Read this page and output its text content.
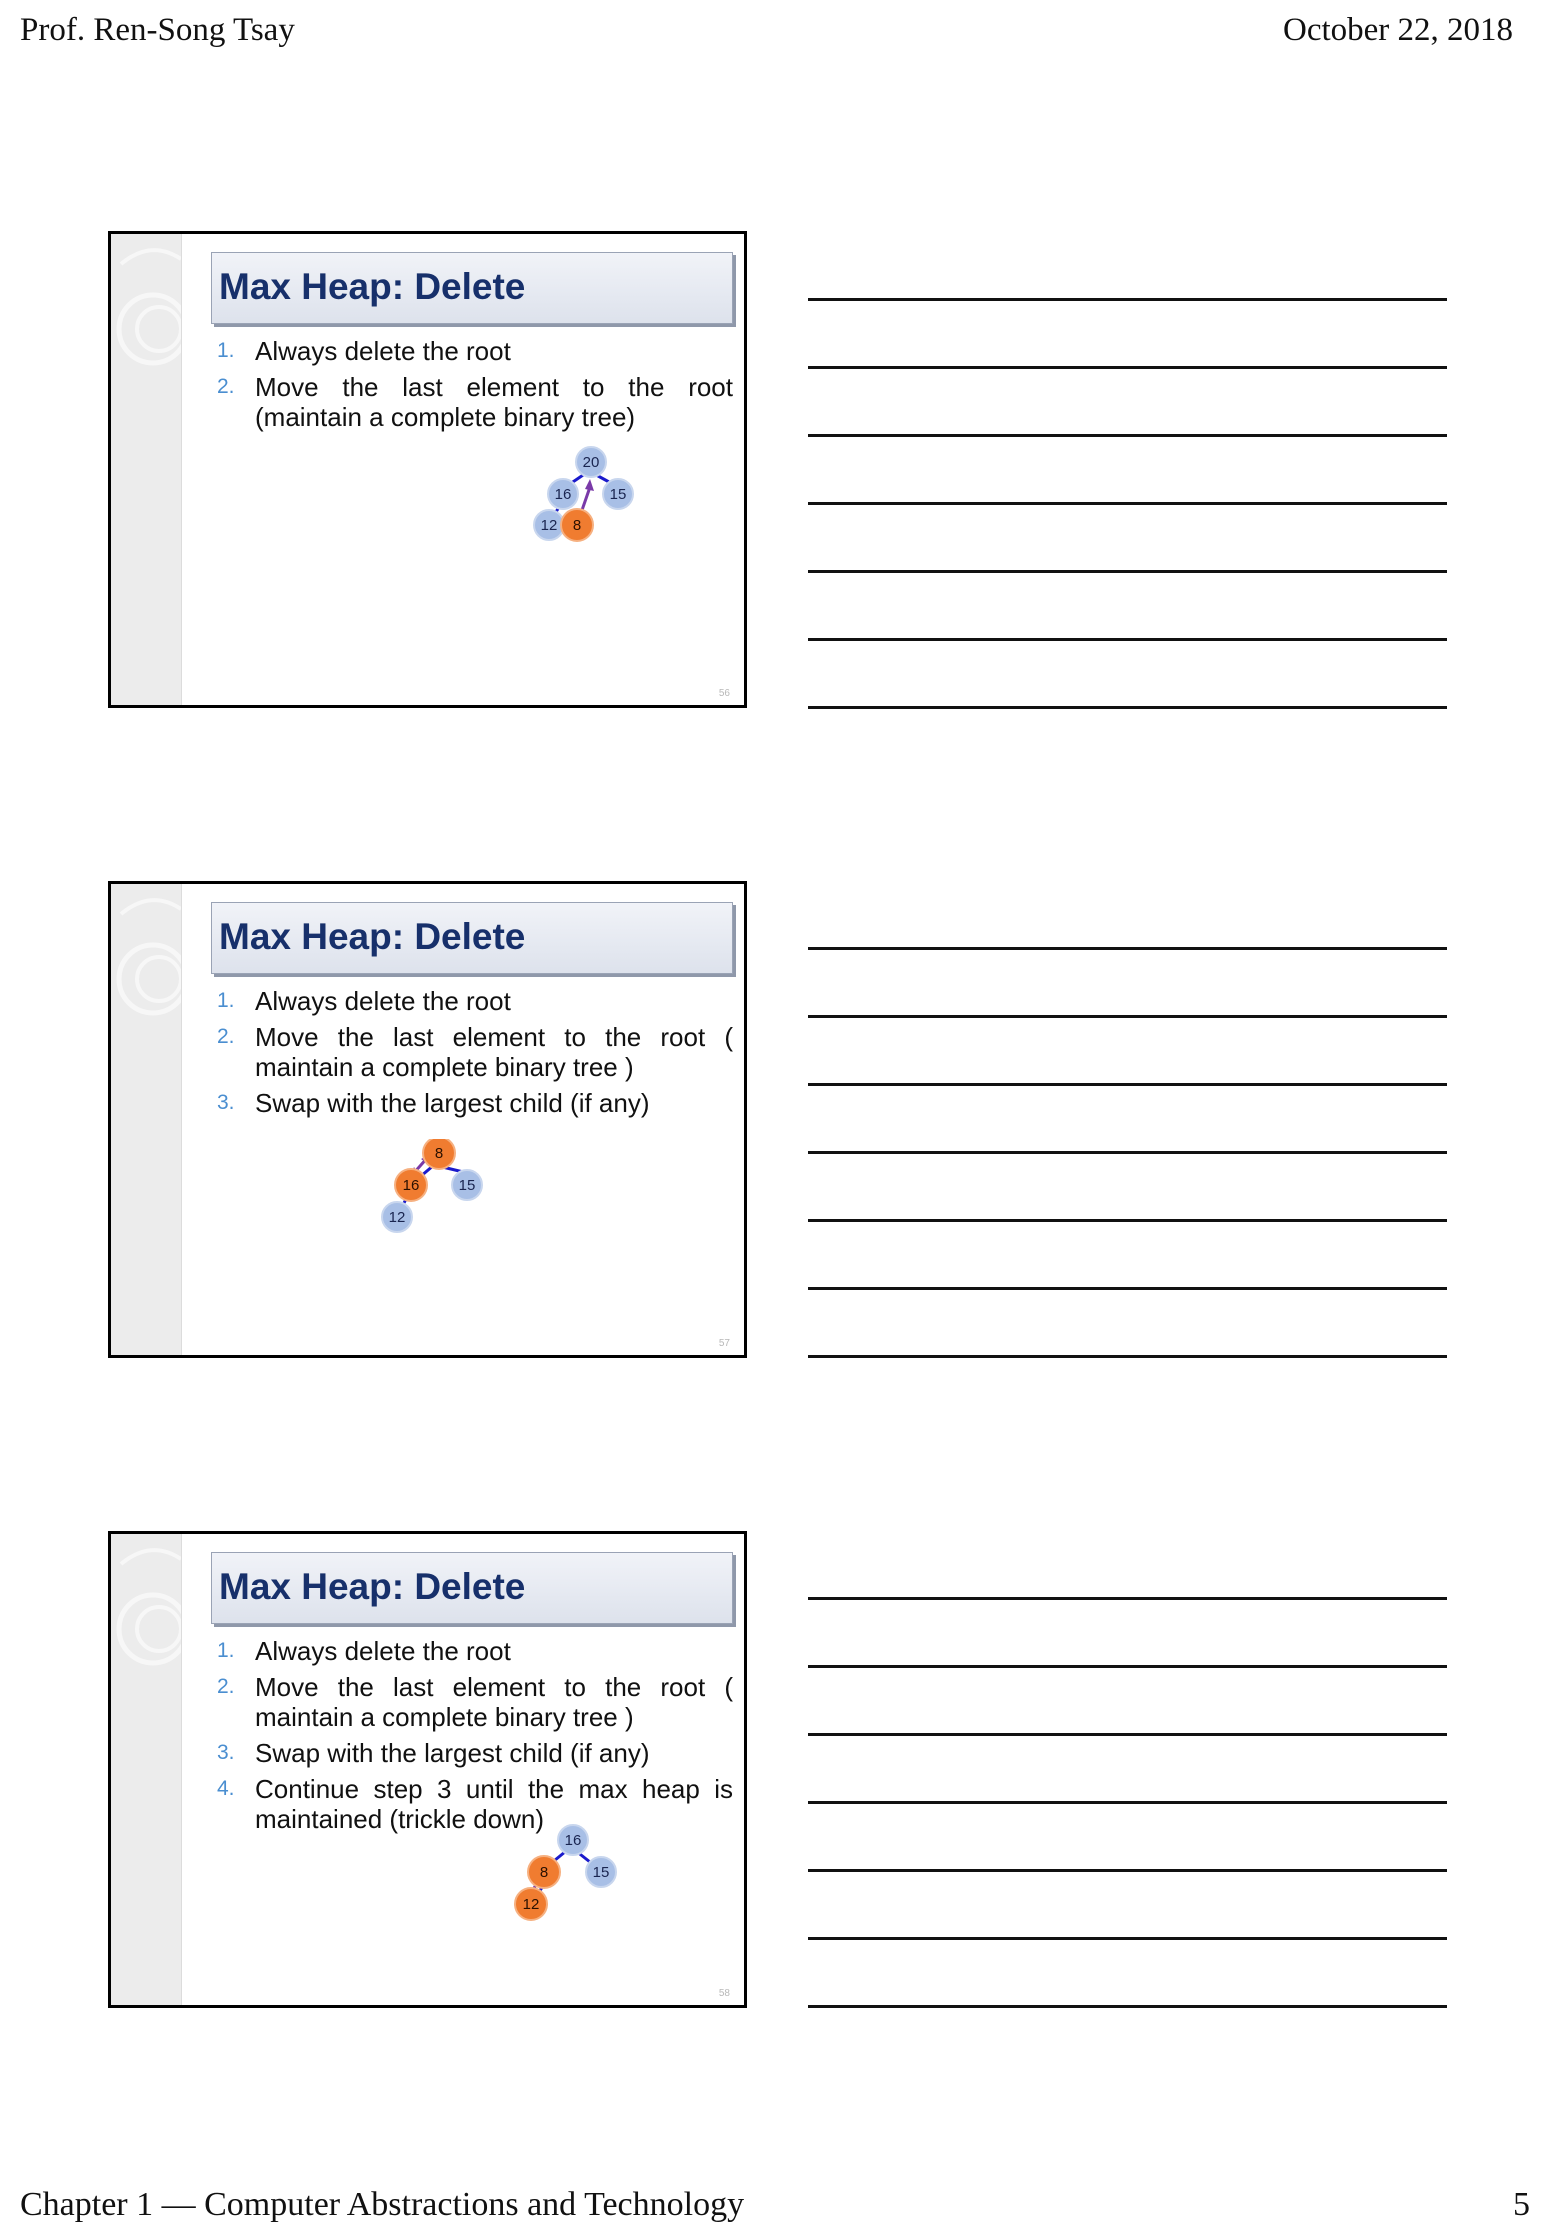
Prof. Ren-Song Tsay	October 22, 2018
Max Heap: Delete
1. Always delete the root
2. Move the last element to the root (maintain a complete binary tree)
20
16	15
12 8
56
Max Heap: Delete
1. Always delete the root
2. Move the last element to the root ( maintain a complete binary tree )
3. Swap with the largest child (if any)
8
16	15
12
57
Max Heap: Delete
1. Always delete the root
2. Move the last element to the root ( maintain a complete binary tree )
3. Swap with the largest child (if any)
4. Continue step 3 until the max heap is maintained (trickle down)
16
8	15
12
58
Chapter 1 — Computer Abstractions and Technology	5
